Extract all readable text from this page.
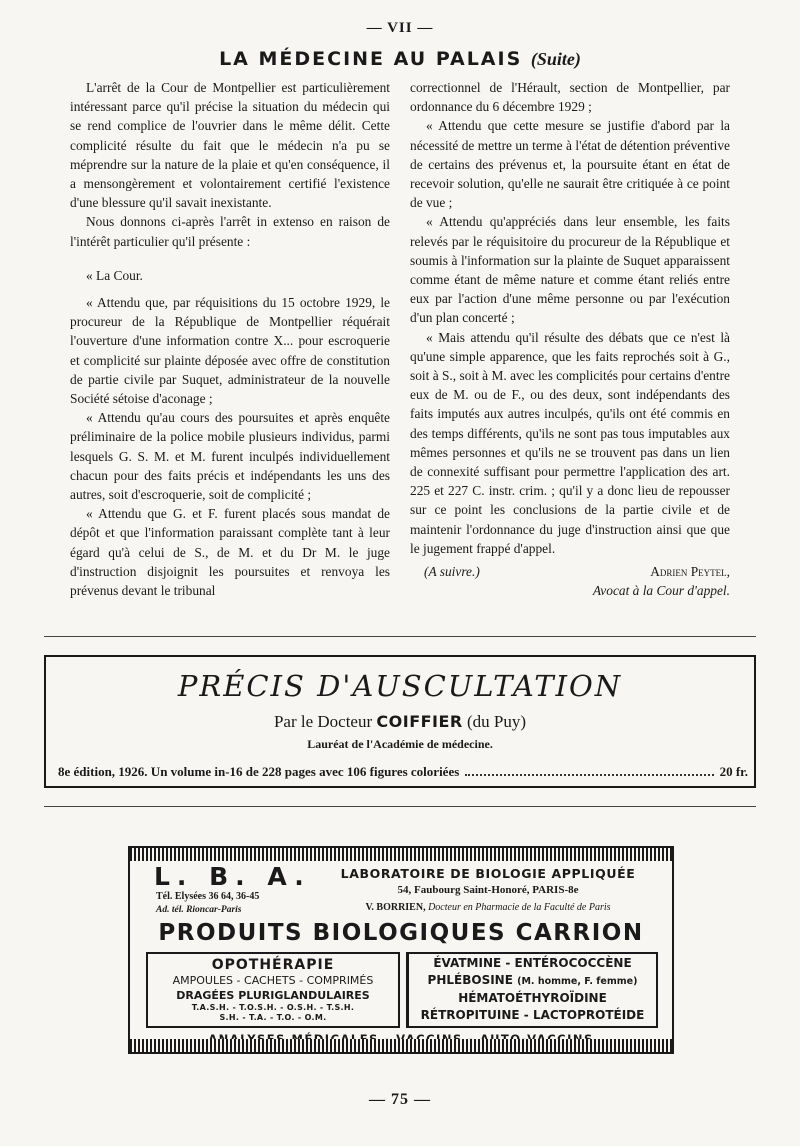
— VII —
LA MÉDECINE AU PALAIS (Suite)

L'arrêt de la Cour de Montpellier est particulièrement intéressant parce qu'il précise la situation du médecin qui se rend complice de l'ouvrier dans le même délit. Cette complicité résulte du fait que le médecin n'a pu se méprendre sur la nature de la plaie et qu'en conséquence, il a mensongèrement et volontairement certifié l'existence d'une blessure qu'il savait inexistante.

Nous donnons ci-après l'arrêt in extenso en raison de l'intérêt particulier qu'il présente :

« La Cour.

« Attendu que, par réquisitions du 15 octobre 1929, le procureur de la République de Montpellier réquérait l'ouverture d'une information contre X... pour escroquerie et complicité sur plainte déposée avec offre de constitution de partie civile par Suquet, administrateur de la nouvelle Société sétoise d'aconage ;

« Attendu qu'au cours des poursuites et après enquête préliminaire de la police mobile plusieurs individus, parmi lesquels G. S. M. et M. furent inculpés individuellement chacun pour des faits précis et indépendants les uns des autres, soit d'escroquerie, soit de complicité ;

« Attendu que G. et F. furent placés sous mandat de dépôt et que l'information paraissant complète tant à leur égard qu'à celui de S., de M. et du Dr M. le juge d'instruction disjoignit les poursuites et renvoya les prévenus devant le tribunal

correctionnel de l'Hérault, section de Montpellier, par ordonnance du 6 décembre 1929 ;

« Attendu que cette mesure se justifie d'abord par la nécessité de mettre un terme à l'état de détention préventive de certains des prévenus et, la poursuite étant en état de recevoir solution, qu'elle ne saurait être critiquée à ce point de vue ;

« Attendu qu'appréciés dans leur ensemble, les faits relevés par le réquisitoire du procureur de la République et soumis à l'information sur la plainte de Suquet apparaissent comme étant de même nature et comme étant reliés entre eux par l'action d'une même personne ou par l'exécution d'un plan concerté ;

« Mais attendu qu'il résulte des débats que ce n'est là qu'une simple apparence, que les faits reprochés soit à G., soit à S., soit à M. avec les complicités pour certains d'entre eux de M. ou de F., ou des deux, sont indépendants des faits imputés aux autres inculpés, qu'ils ont été commis en des temps différents, qu'ils ne sont pas tous imputables aux mêmes personnes et qu'ils ne se trouvent pas dans un lien de connexité suffisant pour permettre l'application des art. 225 et 227 C. instr. crim. ; qu'il y a donc lieu de repousser sur ce point les conclusions de la partie civile et de maintenir l'ordonnance du juge d'instruction ainsi que que le jugement frappé d'appel.

(A suivre.)	Adrien Peytel,
Avocat à la Cour d'appel.
PRÉCIS D'AUSCULTATION
Par le Docteur COIFFIER (du Puy)
Lauréat de l'Académie de médecine.
8e édition, 1926. Un volume in-16 de 228 pages avec 106 figures coloriées	20 fr.
L. B. A.
Tél. Elysées 36 64, 36-45
Ad. tél. Rioncar-Paris
LABORATOIRE DE BIOLOGIE APPLIQUÉE
54, Faubourg Saint-Honoré, PARIS-8e
V. BORRIEN, Docteur en Pharmacie de la Faculté de Paris
PRODUITS BIOLOGIQUES CARRION
OPOTHÉRAPIE
AMPOULES - CACHETS - COMPRIMÉS
DRAGÉES PLURIGLANDULAIRES
T.A.S.H. - T.O.S.H. - O.S.H. - T.S.H.
S.H. - T.A. - T.O. - O.M.
ÉVATMINE - ENTÉROCOCCÈNE
PHLÉBOSINE (M. homme, F. femme)
HÉMATOÉTHYROÏDINE
RÉTROPITUINE - LACTOPROTÉIDE
— 75 —
